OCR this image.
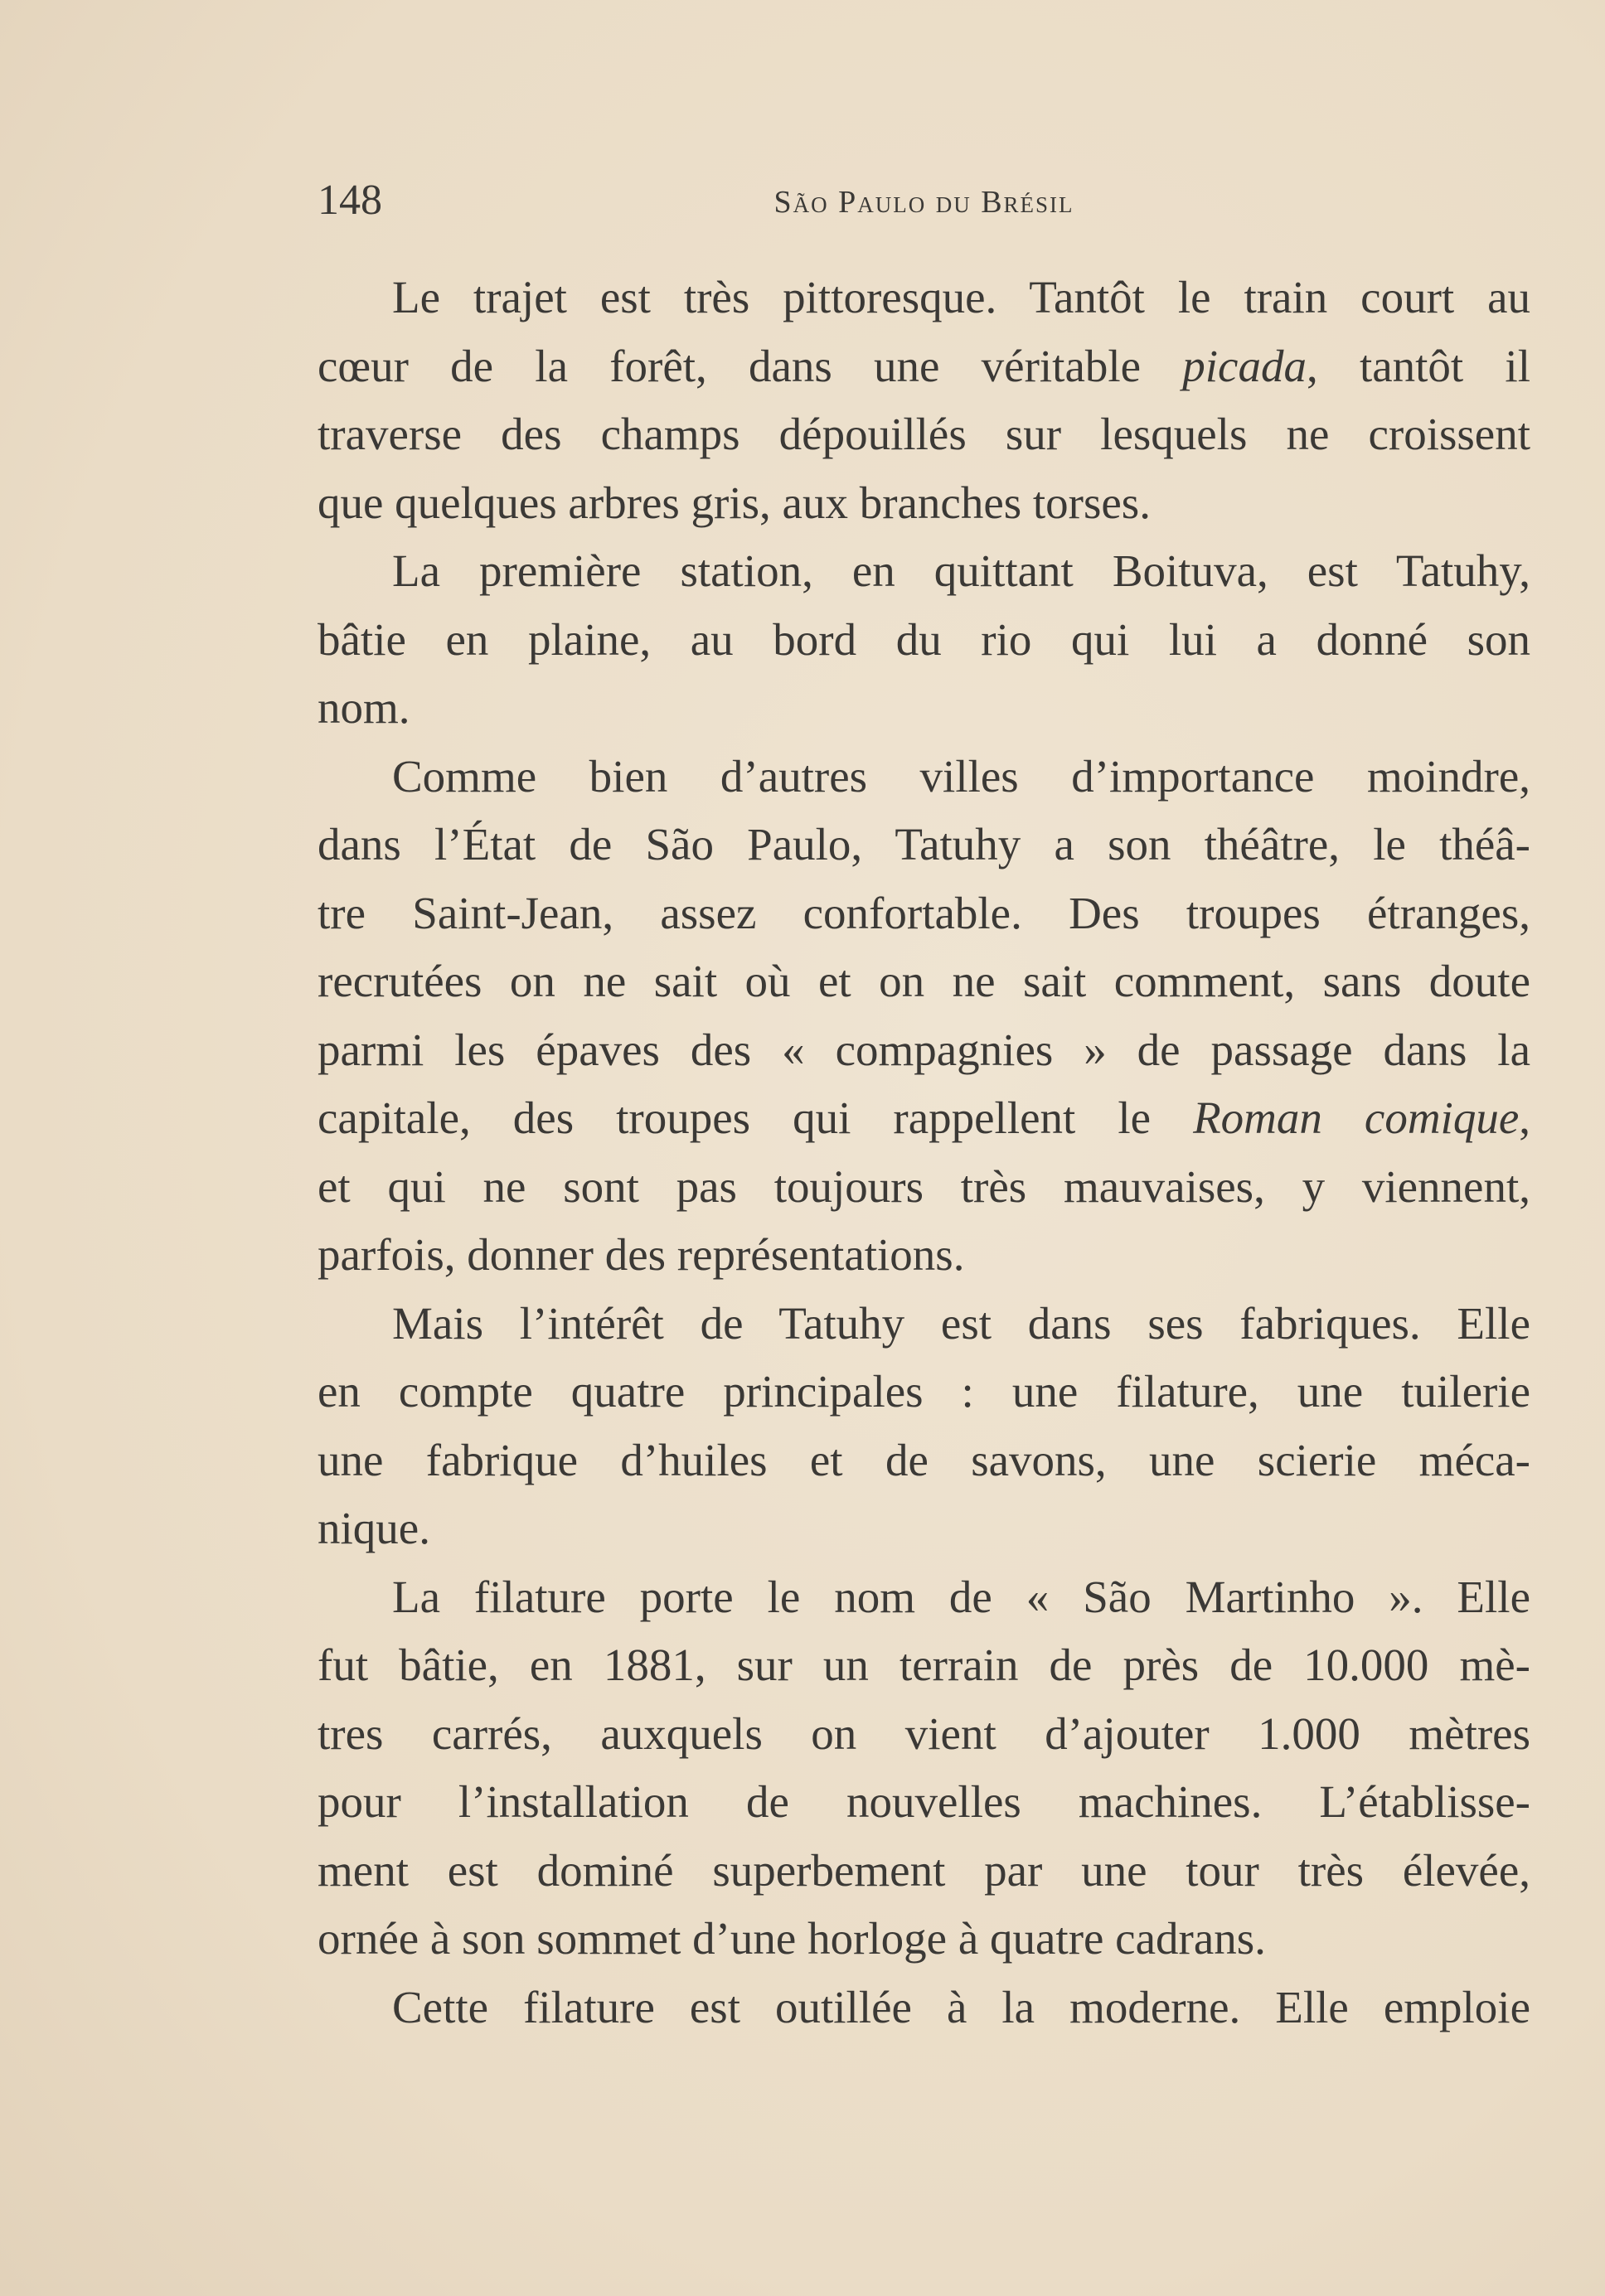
148	São Paulo du Brésil
Le trajet est très pittoresque. Tantôt le train court au
cœur de la forêt, dans une véritable picada, tantôt il
traverse des champs dépouillés sur lesquels ne croissent
que quelques arbres gris, aux branches torses.
La première station, en quittant Boituva, est Tatuhy,
bâtie en plaine, au bord du rio qui lui a donné son
nom.
Comme bien d’autres villes d’importance moindre,
dans l’État de São Paulo, Tatuhy a son théâtre, le théâ-
tre Saint-Jean, assez confortable. Des troupes étranges,
recrutées on ne sait où et on ne sait comment, sans doute
parmi les épaves des « compagnies » de passage dans la
capitale, des troupes qui rappellent le Roman comique,
et qui ne sont pas toujours très mauvaises, y viennent,
parfois, donner des représentations.
Mais l’intérêt de Tatuhy est dans ses fabriques. Elle
en compte quatre principales : une filature, une tuilerie
une fabrique d’huiles et de savons, une scierie méca-
nique.
La filature porte le nom de « São Martinho ». Elle
fut bâtie, en 1881, sur un terrain de près de 10.000 mè-
tres carrés, auxquels on vient d’ajouter 1.000 mètres
pour l’installation de nouvelles machines. L’établisse-
ment est dominé superbement par une tour très élevée,
ornée à son sommet d’une horloge à quatre cadrans.
Cette filature est outillée à la moderne. Elle emploie
